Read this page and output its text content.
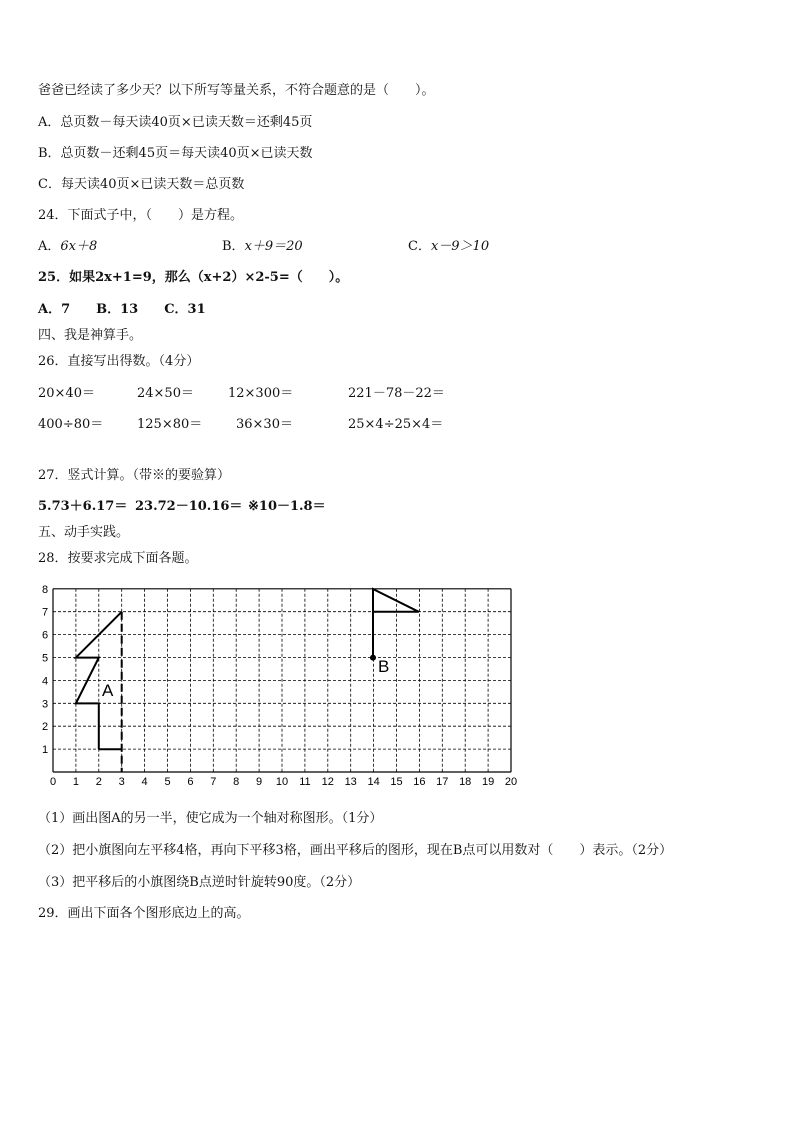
爸爸已经读了多少天？以下所写等量关系，不符合题意的是（　　）。
A．总页数－每天读40页×已读天数＝还剩45页
B．总页数－还剩45页＝每天读40页×已读天数
C．每天读40页×已读天数＝总页数
24．下面式子中，（　　）是方程。
A．6x＋8	B．x＋9＝20	C．x－9＞10
25．如果2x+1=9，那么（x+2）×2-5=（　　）。
A．7　　B．13　　C．31
四、我是神算手。
26．直接写出得数。（4分）
20×40＝	24×50＝	12×300＝	221－78－22＝
400÷80＝	125×80＝	36×30＝	25×4÷25×4＝
27．竖式计算。（带※的要验算）
5.73＋6.17＝ 23.72－10.16＝ ※10－1.8＝
五、动手实践。
28．按要求完成下面各题。
0 1 2 3 4 5 6 7 8 9 10 11 12 13 14 15 16 17 18 19 20
1
2
3
4
5
6
7
8
A
B
（1）画出图A的另一半，使它成为一个轴对称图形。（1分）
（2）把小旗图向左平移4格，再向下平移3格，画出平移后的图形，现在B点可以用数对（　　）表示。（2分）
（3）把平移后的小旗图绕B点逆时针旋转90度。（2分）
29．画出下面各个图形底边上的高。
